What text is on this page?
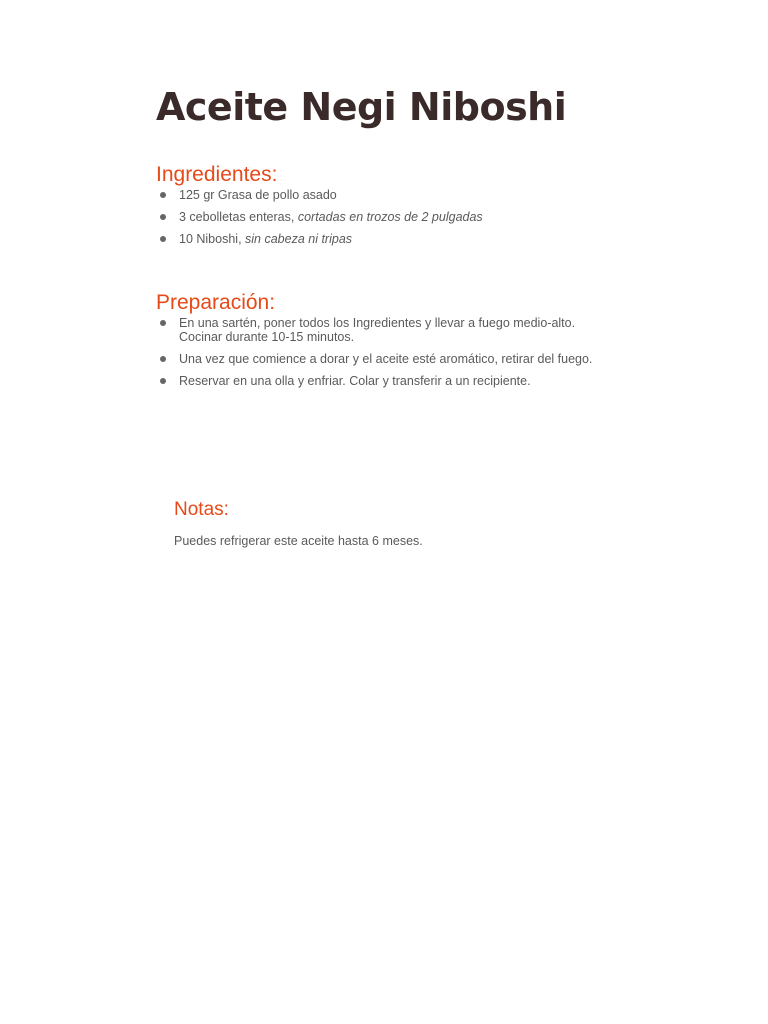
Aceite Negi Niboshi
Ingredientes:
125 gr Grasa de pollo asado
3 cebolletas enteras, cortadas en trozos de 2 pulgadas
10 Niboshi, sin cabeza ni tripas
Preparación:
En una sartén, poner todos los Ingredientes y llevar a fuego medio-alto. Cocinar durante 10-15 minutos.
Una vez que comience a dorar y el aceite esté aromático, retirar del fuego.
Reservar en una olla y enfriar. Colar y transferir a un recipiente.
Notas:

Puedes refrigerar este aceite hasta 6 meses.
